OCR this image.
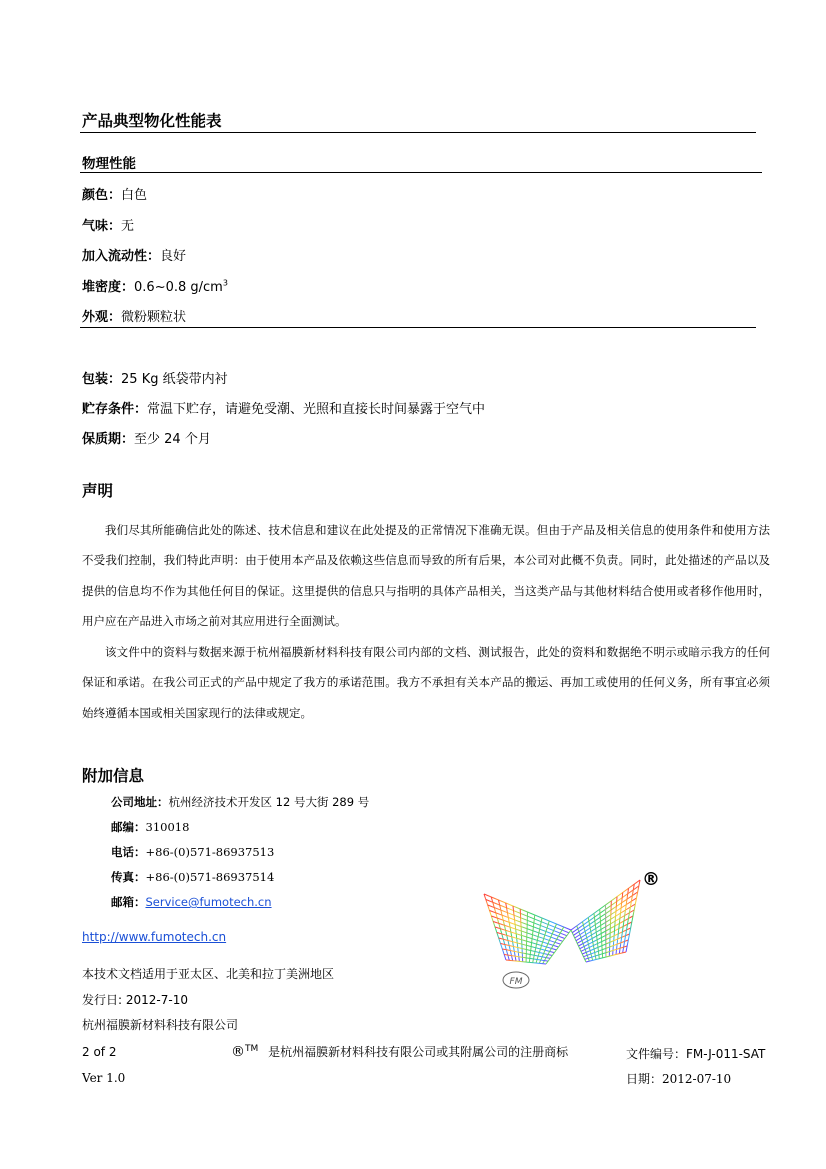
产品典型物化性能表
物理性能
颜色：白色
气味：无
加入流动性：良好
堆密度：0.6~0.8 $g/cm^3$
外观：微粉颗粒状
包装：25 Kg 纸袋带内衬
贮存条件：常温下贮存，请避免受潮、光照和直接长时间暴露于空气中
保质期：至少 24 个月
声明
我们尽其所能确信此处的陈述、技术信息和建议在此处提及的正常情况下准确无误。但由于产品及相关信息的使用条件和使用方法不受我们控制，我们特此声明：由于使用本产品及依赖这些信息而导致的所有后果，本公司对此概不负责。同时，此处描述的产品以及提供的信息均不作为其他任何目的保证。这里提供的信息只与指明的具体产品相关，当这类产品与其他材料结合使用或者移作他用时，用户应在产品进入市场之前对其应用进行全面测试。
该文件中的资料与数据来源于杭州福膜新材料科技有限公司内部的文档、测试报告，此处的资料和数据绝不明示或暗示我方的任何保证和承诺。在我公司正式的产品中规定了我方的承诺范围。我方不承担有关本产品的搬运、再加工或使用的任何义务，所有事宜必须始终遵循本国或相关国家现行的法律或规定。
附加信息
公司地址：杭州经济技术开发区 12 号大街 289 号
邮编：310018
电话：+86-(0)571-86937513
传真：+86-(0)571-86937514
邮箱：Service@fumotech.cn
http://www.fumotech.cn
本技术文档适用于亚太区、北美和拉丁美洲地区
发行日: 2012-7-10
杭州福膜新材料科技有限公司
FM
®
2 of 2	®™ 是杭州福膜新材料科技有限公司或其附属公司的注册商标	文件编号：FM-J-011-SAT
Ver 1.0	日期：2012-07-10
